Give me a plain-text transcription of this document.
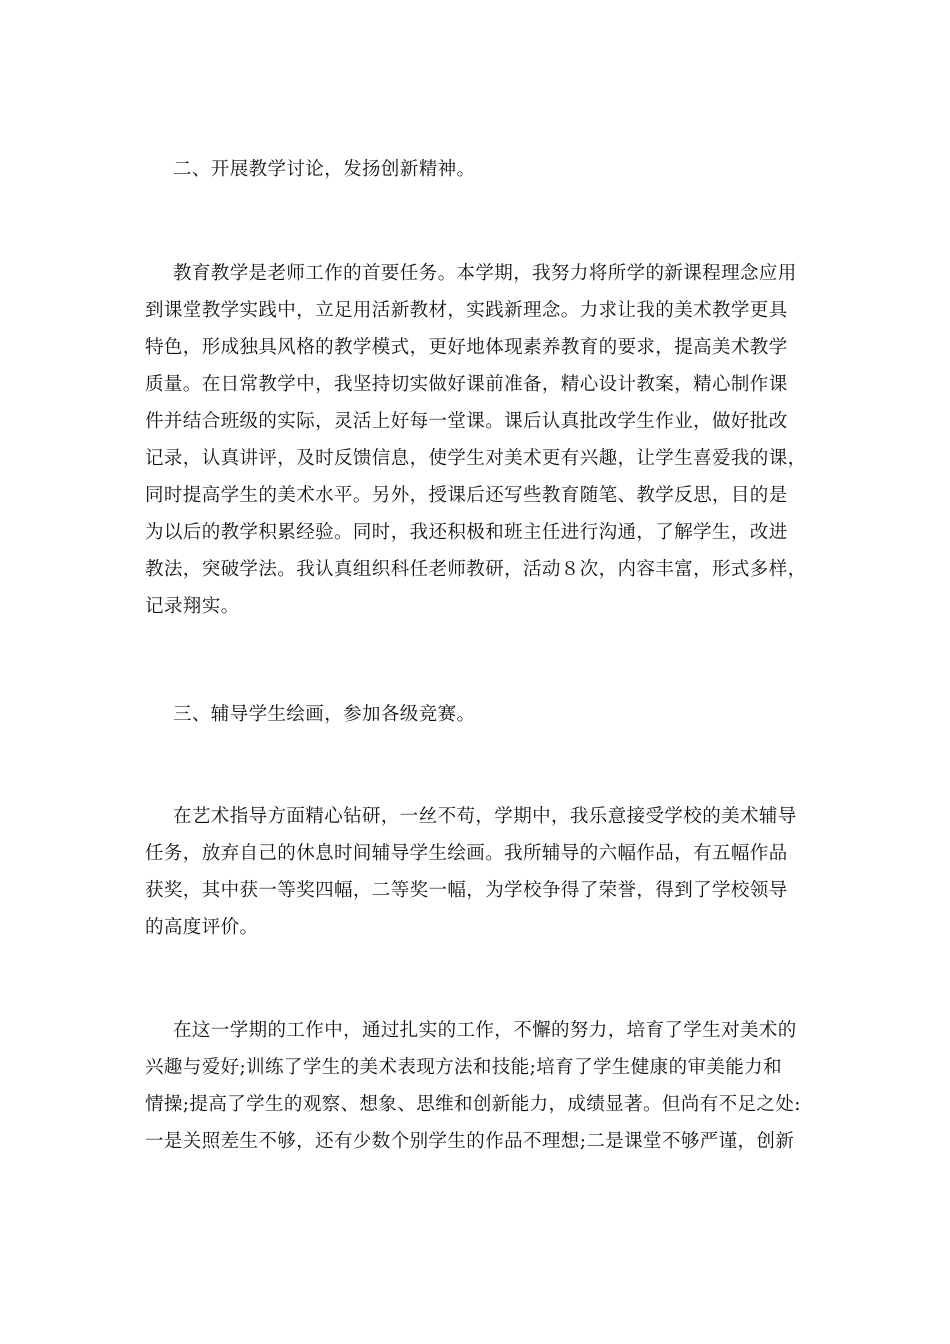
二、开展教学讨论，发扬创新精神。
教育教学是老师工作的首要任务。本学期，我努力将所学的新课程理念应用
到课堂教学实践中，立足用活新教材，实践新理念。力求让我的美术教学更具
特色，形成独具风格的教学模式，更好地体现素养教育的要求，提高美术教学
质量。在日常教学中，我坚持切实做好课前准备，精心设计教案，精心制作课
件并结合班级的实际，灵活上好每一堂课。课后认真批改学生作业，做好批改
记录，认真讲评，及时反馈信息，使学生对美术更有兴趣，让学生喜爱我的课，
同时提高学生的美术水平。另外，授课后还写些教育随笔、教学反思，目的是
为以后的教学积累经验。同时，我还积极和班主任进行沟通，了解学生，改进
教法，突破学法。我认真组织科任老师教研，活动８次，内容丰富，形式多样，
记录翔实。
三、辅导学生绘画，参加各级竞赛。
在艺术指导方面精心钻研，一丝不苟，学期中，我乐意接受学校的美术辅导
任务，放弃自己的休息时间辅导学生绘画。我所辅导的六幅作品，有五幅作品
获奖，其中获一等奖四幅，二等奖一幅，为学校争得了荣誉，得到了学校领导
的高度评价。
在这一学期的工作中，通过扎实的工作，不懈的努力，培育了学生对美术的
兴趣与爱好;训练了学生的美术表现方法和技能;培育了学生健康的审美能力和
情操;提高了学生的观察、想象、思维和创新能力，成绩显著。但尚有不足之处:
一是关照差生不够，还有少数个别学生的作品不理想;二是课堂不够严谨，创新
